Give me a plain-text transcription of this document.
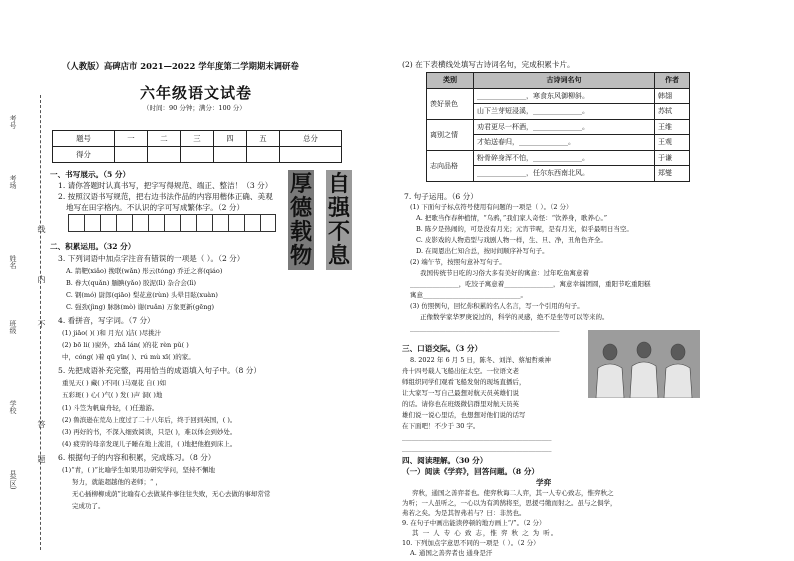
考号
考场
线
姓名
内
班级	不
学校
县(区)
答
题
（人教版）高碑店市 2021—2022 学年度第二学期期末调研卷
六年级语文试卷
（时间：90 分钟；满分：100 分）
题号	一	二	三	四	五	总分
得分						
厚
德
载
物
自
强
不
息
一、书写展示。（5 分）
1. 请你答题时认真书写，把字写得规范、端正、整洁！（3 分）
2. 按照汉语书写规范，把右边书法作品的内容用楷体正确、美观
地写在田字格内。不认识的字可写成繁体字。（2 分）
二、积累运用。（32 分）
3. 下列词语中加点字注音有错误的一项是（ ）。（2 分）
A. 箭靶(xiǎo) 挽联(wǎn) 彤云(tóng) 乔迁之喜(qiáo)
B. 眷大(quǎn) 腼腆(yǎo) 胶泥(lì) 杂合会(lì)
C. 钢(mó) 尉郎(qiāo) 梨花意(rùn) 头晕目眩(xuàn)
C. 强劲(jìng) 脉脉(mò) 谢(ruǎn) 万象更新(gēng)
4. 看拼音，写字词。（7 分）
(1) jiāo( )( )和 月光( )洁( )尽挑汁
(2) bō li( )窗外，zhǎ lán( )的花 rèn pǔ( )
中，cóng( )着 qū yīn( )、rú mù xī( )的家。
5. 先把成语补充完整，再用恰当的成语填入句子中。（8 分）
重见天( ) 藏( )不同( )马观花 自( )如
五彩斑( ) 心( )气( ) 发( )声 洞( )地
(1) 斗笠为帆扁舟轻，( )任遨游。
(2) 鲁滨逊在荒岛上度过了二十八年后，终于回到英国，( )。
(3) 再好的书，不深入细致阅读，只是( )，难以体会到妙处。
(4) 疲劳的母亲发现儿子睡在地上流泪，( )地把他抱到床上。
6. 根据句子的内容和积累，完成练习。（8 分）
(1)“青，( )”比喻学生如果用功研究学问，坚持不懈地
努力，就能超越他的老师；“ ，
无心插柳柳成荫”比喻有心去做某件事往往失败，无心去做的事却常常
完成功了。
(2) 在下表横线处填写古诗词名句，完成积累卡片。
类别	古诗词名句	作者
羡好景色	______________，寒食东风御柳斜。	韩翃
	山下兰芽短浸溪，______________。	苏轼
离别之情	劝君更尽一杯酒，______________。	王维
	才始送春归，______________。	王观
志向品格	粉骨碎身浑不怕，______________。	于谦
	______________，任尔东西南北风。	郑燮
7. 句子运用。（6 分）
(1) 下面句子标点符号使用有问题的一项是（ ）。（2 分）
A. 把歌当作春种植情，“乌鸦，”我们家人奇怪：“饮养身，歌养心。”
B. 陈夕是热闹的，可是没有月光；元宵节呢，是有月光，似乎最明日当空。
C. 皮影戏的人物造型与戏剧人物一样，生、旦、净，丑角色齐全。
D. 在周恩出仁知合总，按时间顺序补写句子。
(2) 端午节，按照句意补写句子。
我国传统节日吃的习俗大多有美好的寓意：过年吃鱼寓意着
_______________，吃饺子寓意着_______________，寓意幸福团圆，重阳节吃重阳糕
寓意______________________________。
(3) 仿照例句，回忆你积累的名人名言，写一个引用的句子。
正像数学家华罗庚说过的，科学的灵感，绝不是坐等可以等来的。
______________________________________________
三、口语交际。（3 分）
8. 2022 年 6 月 5 日，陈冬、刘洋、蔡旭哲乘神
舟十四号载人飞船出征太空。一位语文老
师组织同学们观看飞船发射的现场直播后，
让大家写一写自己最想对航天员英雄们说
的话。请你也在班级微信群里对航天员英
雄们说一说心里话，也想想对他们说的话写
在下面吧！不少于 30 字。
______________________________________________
______________________________________________
四、阅读理解。（30 分）
（一）阅读《学弈》，回答问题。（8 分）
学弈
弈秋，通国之善弈者也。使弈秋诲二人弈，其一人专心致志，惟弈秋之
为听；一人虽听之，一心以为有鸿鹄将至，思援弓缴而射之。虽与之俱学，
弗若之矣。为是其智弗若与？曰：非然也。
9. 在句子中画出能读停顿的地方画上“/”。（2 分）
其 一 人 专 心 致 志，惟 弈 秋 之 为 听。
10. 下列加点字意思不同的一项是（ ）。（2 分）
A. 通国之善弈者也 通身是汗
